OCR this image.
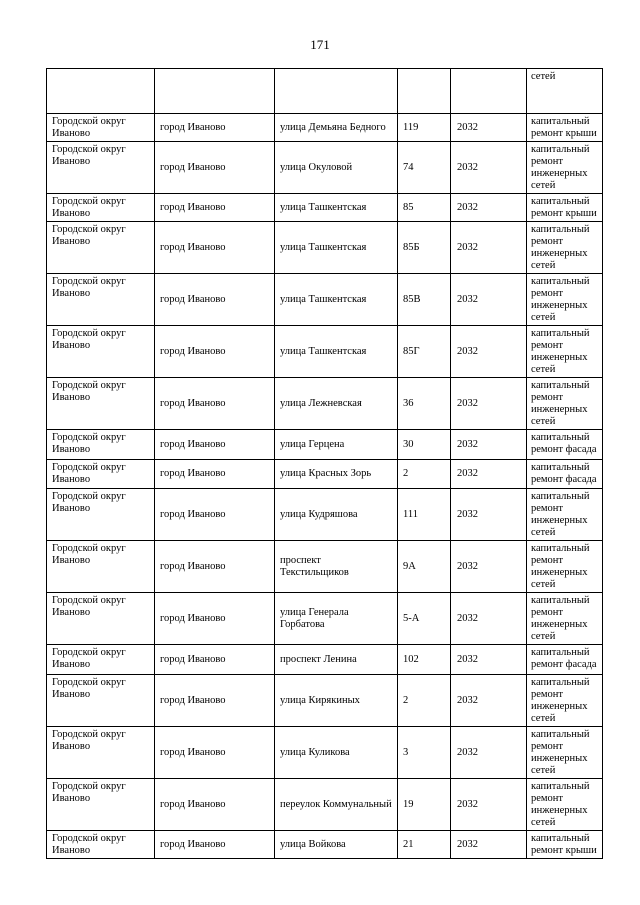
171
					сетей
Городской округ Иваново	город Иваново	улица Демьяна Бедного	119	2032	капитальный ремонт крыши
Городской округ Иваново	город Иваново	улица Окуловой	74	2032	капитальный ремонт инженерных сетей
Городской округ Иваново	город Иваново	улица Ташкентская	85	2032	капитальный ремонт крыши
Городской округ Иваново	город Иваново	улица Ташкентская	85Б	2032	капитальный ремонт инженерных сетей
Городской округ Иваново	город Иваново	улица Ташкентская	85В	2032	капитальный ремонт инженерных сетей
Городской округ Иваново	город Иваново	улица Ташкентская	85Г	2032	капитальный ремонт инженерных сетей
Городской округ Иваново	город Иваново	улица Лежневская	36	2032	капитальный ремонт инженерных сетей
Городской округ Иваново	город Иваново	улица Герцена	30	2032	капитальный ремонт фасада
Городской округ Иваново	город Иваново	улица Красных Зорь	2	2032	капитальный ремонт фасада
Городской округ Иваново	город Иваново	улица Кудряшова	111	2032	капитальный ремонт инженерных сетей
Городской округ Иваново	город Иваново	проспект Текстильщиков	9А	2032	капитальный ремонт инженерных сетей
Городской округ Иваново	город Иваново	улица Генерала Горбатова	5-А	2032	капитальный ремонт инженерных сетей
Городской округ Иваново	город Иваново	проспект Ленина	102	2032	капитальный ремонт фасада
Городской округ Иваново	город Иваново	улица Кирякиных	2	2032	капитальный ремонт инженерных сетей
Городской округ Иваново	город Иваново	улица Куликова	3	2032	капитальный ремонт инженерных сетей
Городской округ Иваново	город Иваново	переулок Коммунальный	19	2032	капитальный ремонт инженерных сетей
Городской округ Иваново	город Иваново	улица Войкова	21	2032	капитальный ремонт крыши
